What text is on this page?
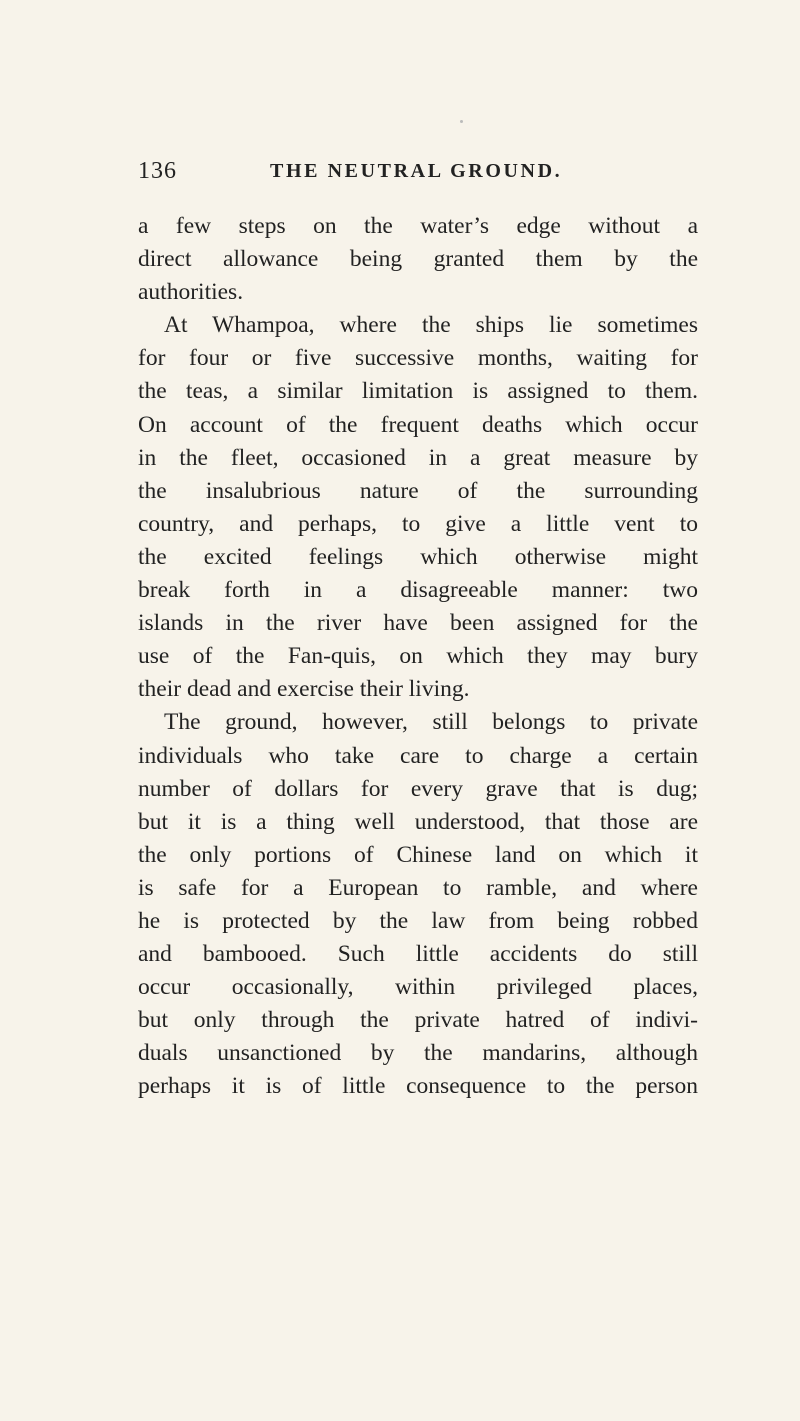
136	THE NEUTRAL GROUND.
a few steps on the water’s edge without a
direct allowance being granted them by the
authorities.
At Whampoa, where the ships lie sometimes
for four or five successive months, waiting for
the teas, a similar limitation is assigned to them.
On account of the frequent deaths which occur
in the fleet, occasioned in a great measure by
the insalubrious nature of the surrounding
country, and perhaps, to give a little vent to
the excited feelings which otherwise might
break forth in a disagreeable manner: two
islands in the river have been assigned for the
use of the Fan-quis, on which they may bury
their dead and exercise their living.
The ground, however, still belongs to private
individuals who take care to charge a certain
number of dollars for every grave that is dug;
but it is a thing well understood, that those are
the only portions of Chinese land on which it
is safe for a European to ramble, and where
he is protected by the law from being robbed
and bambooed. Such little accidents do still
occur occasionally, within privileged places,
but only through the private hatred of indivi-
duals unsanctioned by the mandarins, although
perhaps it is of little consequence to the person
